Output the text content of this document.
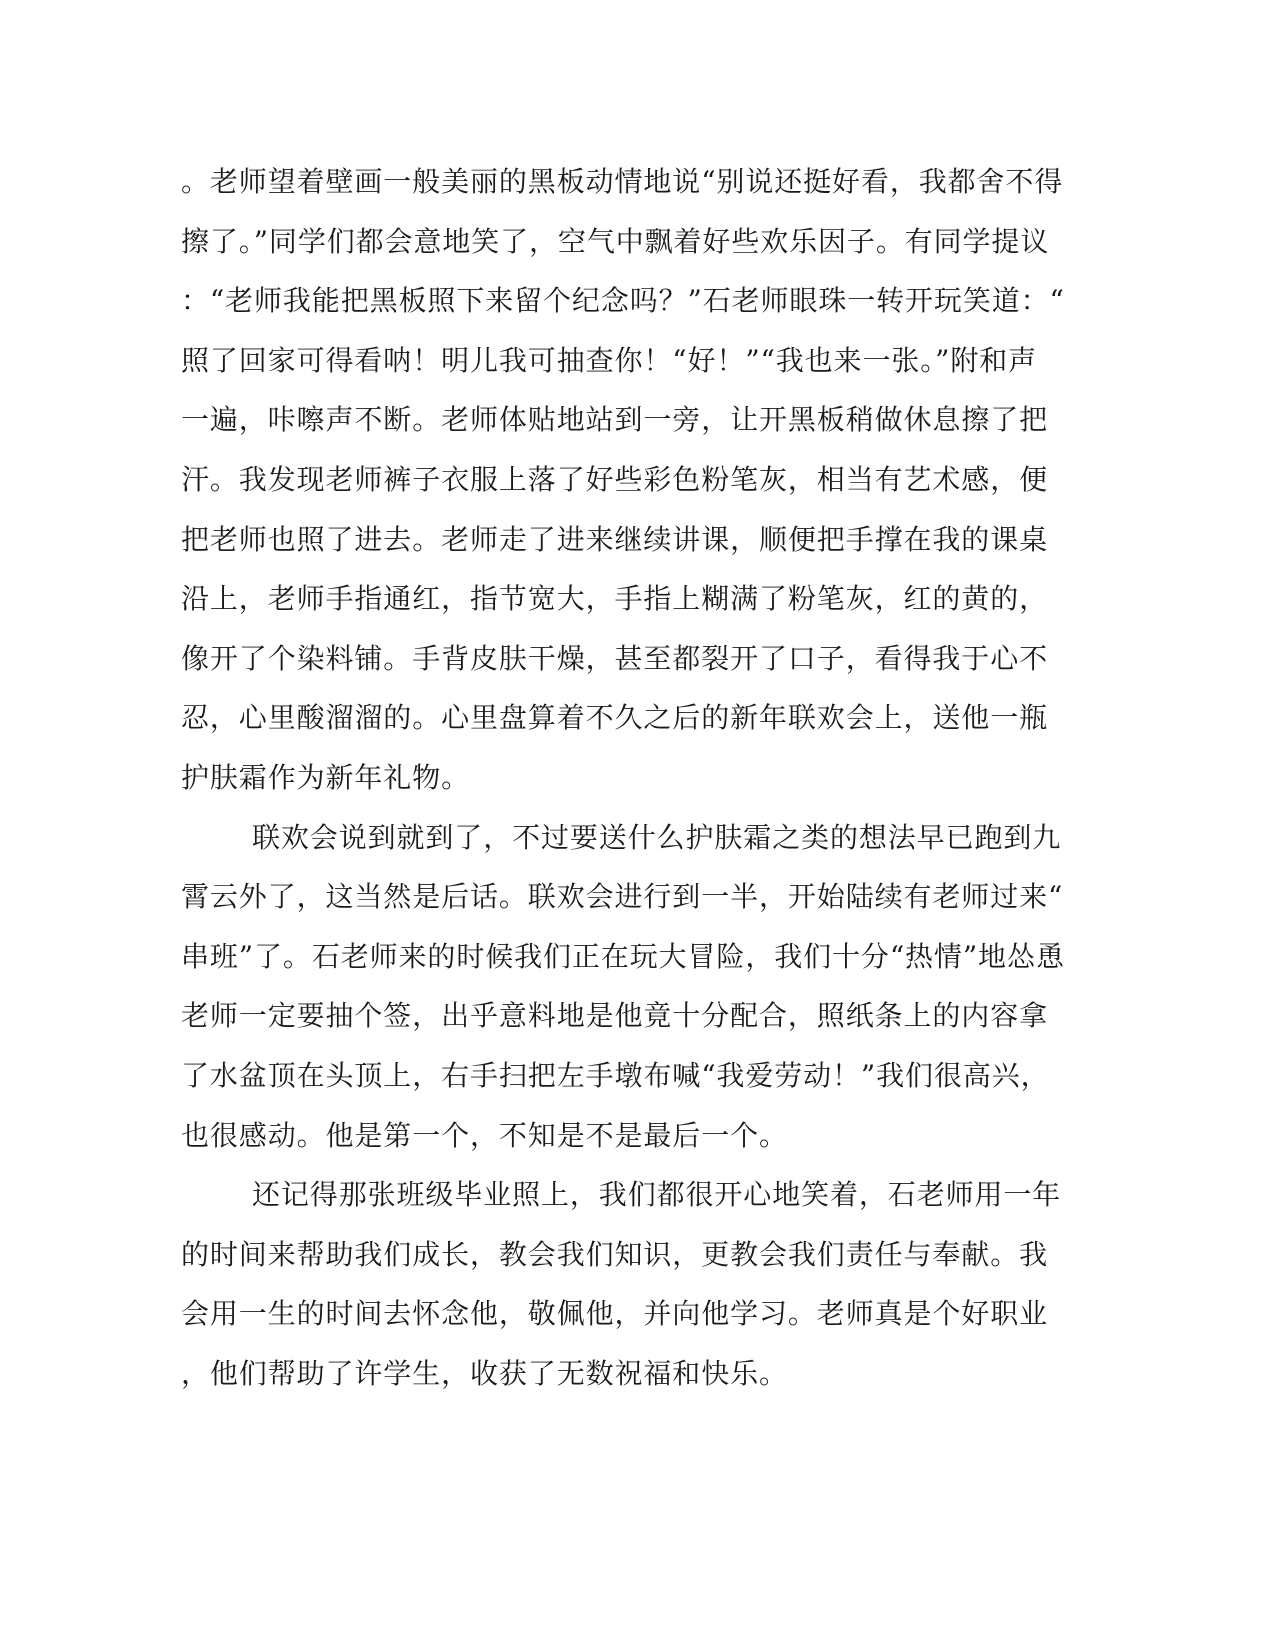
。老师望着壁画一般美丽的黑板动情地说“别说还挺好看，我都舍不得
擦了。”同学们都会意地笑了，空气中飘着好些欢乐因子。有同学提议
：“老师我能把黑板照下来留个纪念吗？”石老师眼珠一转开玩笑道：“
照了回家可得看呐！明儿我可抽查你！“好！”“我也来一张。”附和声
一遍，咔嚓声不断。老师体贴地站到一旁，让开黑板稍做休息擦了把
汗。我发现老师裤子衣服上落了好些彩色粉笔灰，相当有艺术感，便
把老师也照了进去。老师走了进来继续讲课，顺便把手撑在我的课桌
沿上，老师手指通红，指节宽大，手指上糊满了粉笔灰，红的黄的，
像开了个染料铺。手背皮肤干燥，甚至都裂开了口子，看得我于心不
忍，心里酸溜溜的。心里盘算着不久之后的新年联欢会上，送他一瓶
护肤霜作为新年礼物。
联欢会说到就到了，不过要送什么护肤霜之类的想法早已跑到九
霄云外了，这当然是后话。联欢会进行到一半，开始陆续有老师过来“
串班”了。石老师来的时候我们正在玩大冒险，我们十分“热情”地怂恿
老师一定要抽个签，出乎意料地是他竟十分配合，照纸条上的内容拿
了水盆顶在头顶上，右手扫把左手墩布喊“我爱劳动！”我们很高兴，
也很感动。他是第一个，不知是不是最后一个。
还记得那张班级毕业照上，我们都很开心地笑着，石老师用一年
的时间来帮助我们成长，教会我们知识，更教会我们责任与奉献。我
会用一生的时间去怀念他，敬佩他，并向他学习。老师真是个好职业
，他们帮助了许学生，收获了无数祝福和快乐。
